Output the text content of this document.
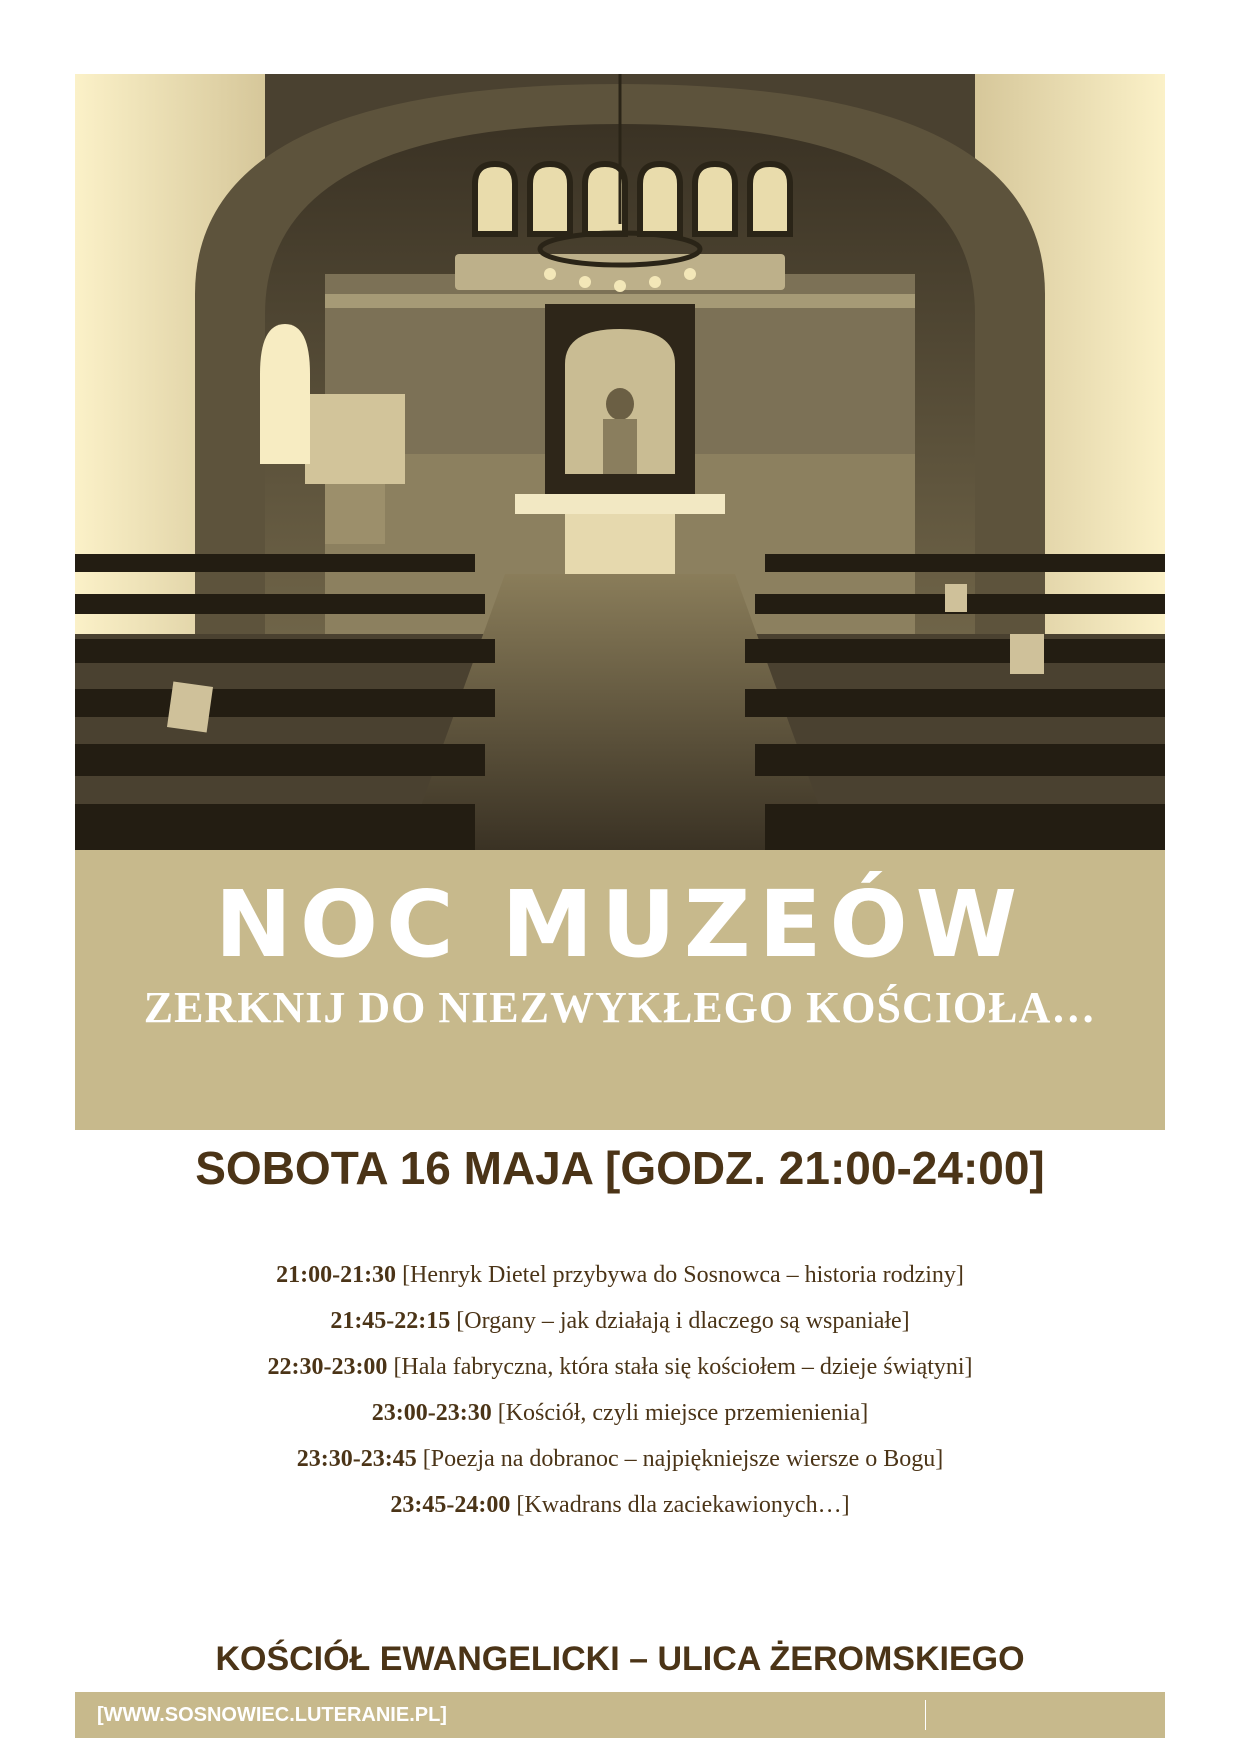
NOC MUZEÓW
ZERKNIJ DO NIEZWYKŁEGO KOŚCIOŁA…
SOBOTA 16 MAJA [GODZ. 21:00-24:00]
21:00-21:30 [Henryk Dietel przybywa do Sosnowca – historia rodziny]
21:45-22:15 [Organy – jak działają i dlaczego są wspaniałe]
22:30-23:00 [Hala fabryczna, która stała się kościołem – dzieje świątyni]
23:00-23:30 [Kościół, czyli miejsce przemienienia]
23:30-23:45 [Poezja na dobranoc – najpiękniejsze wiersze o Bogu]
23:45-24:00 [Kwadrans dla zaciekawionych…]
KOŚCIÓŁ EWANGELICKI – ULICA ŻEROMSKIEGO
[WWW.SOSNOWIEC.LUTERANIE.PL]
